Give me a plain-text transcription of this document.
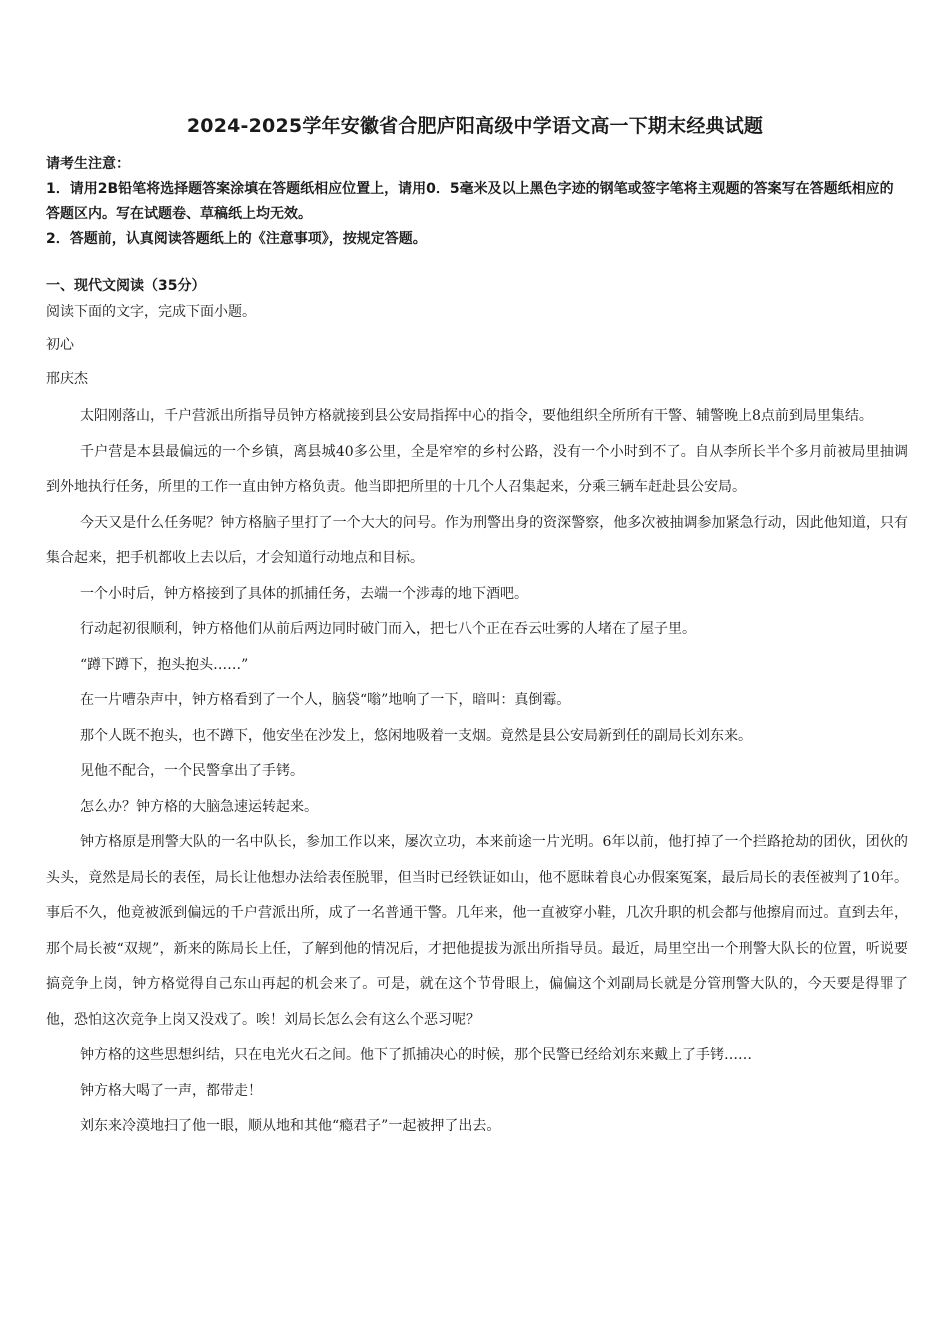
2024-2025学年安徽省合肥庐阳高级中学语文高一下期末经典试题

请考生注意：

1．请用2B铅笔将选择题答案涂填在答题纸相应位置上，请用0．5毫米及以上黑色字迹的钢笔或签字笔将主观题的答案写在答题纸相应的答题区内。写在试题卷、草稿纸上均无效。

2．答题前，认真阅读答题纸上的《注意事项》，按规定答题。

一、现代文阅读（35分）
阅读下面的文字，完成下面小题。
初心
邢庆杰

太阳刚落山，千户营派出所指导员钟方格就接到县公安局指挥中心的指令，要他组织全所所有干警、辅警晚上8点前到局里集结。

千户营是本县最偏远的一个乡镇，离县城40多公里，全是窄窄的乡村公路，没有一个小时到不了。自从李所长半个多月前被局里抽调到外地执行任务，所里的工作一直由钟方格负责。他当即把所里的十几个人召集起来，分乘三辆车赶赴县公安局。

今天又是什么任务呢？钟方格脑子里打了一个大大的问号。作为刑警出身的资深警察，他多次被抽调参加紧急行动，因此他知道，只有集合起来，把手机都收上去以后，才会知道行动地点和目标。

一个小时后，钟方格接到了具体的抓捕任务，去端一个涉毒的地下酒吧。

行动起初很顺利，钟方格他们从前后两边同时破门而入，把七八个正在吞云吐雾的人堵在了屋子里。

“蹲下蹲下，抱头抱头……”

在一片嘈杂声中，钟方格看到了一个人，脑袋“嗡”地响了一下，暗叫：真倒霉。

那个人既不抱头，也不蹲下，他安坐在沙发上，悠闲地吸着一支烟。竟然是县公安局新到任的副局长刘东来。

见他不配合，一个民警拿出了手铐。

怎么办？钟方格的大脑急速运转起来。

钟方格原是刑警大队的一名中队长，参加工作以来，屡次立功，本来前途一片光明。6年以前，他打掉了一个拦路抢劫的团伙，团伙的头头，竟然是局长的表侄，局长让他想办法给表侄脱罪，但当时已经铁证如山，他不愿昧着良心办假案冤案，最后局长的表侄被判了10年。事后不久，他竟被派到偏远的千户营派出所，成了一名普通干警。几年来，他一直被穿小鞋，几次升职的机会都与他擦肩而过。直到去年，那个局长被“双规”，新来的陈局长上任，了解到他的情况后，才把他提拔为派出所指导员。最近，局里空出一个刑警大队长的位置，听说要搞竞争上岗，钟方格觉得自己东山再起的机会来了。可是，就在这个节骨眼上，偏偏这个刘副局长就是分管刑警大队的，今天要是得罪了他，恐怕这次竞争上岗又没戏了。唉！刘局长怎么会有这么个恶习呢？

钟方格的这些思想纠结，只在电光火石之间。他下了抓捕决心的时候，那个民警已经给刘东来戴上了手铐……

钟方格大喝了一声，都带走！

刘东来冷漠地扫了他一眼，顺从地和其他“瘾君子”一起被押了出去。
